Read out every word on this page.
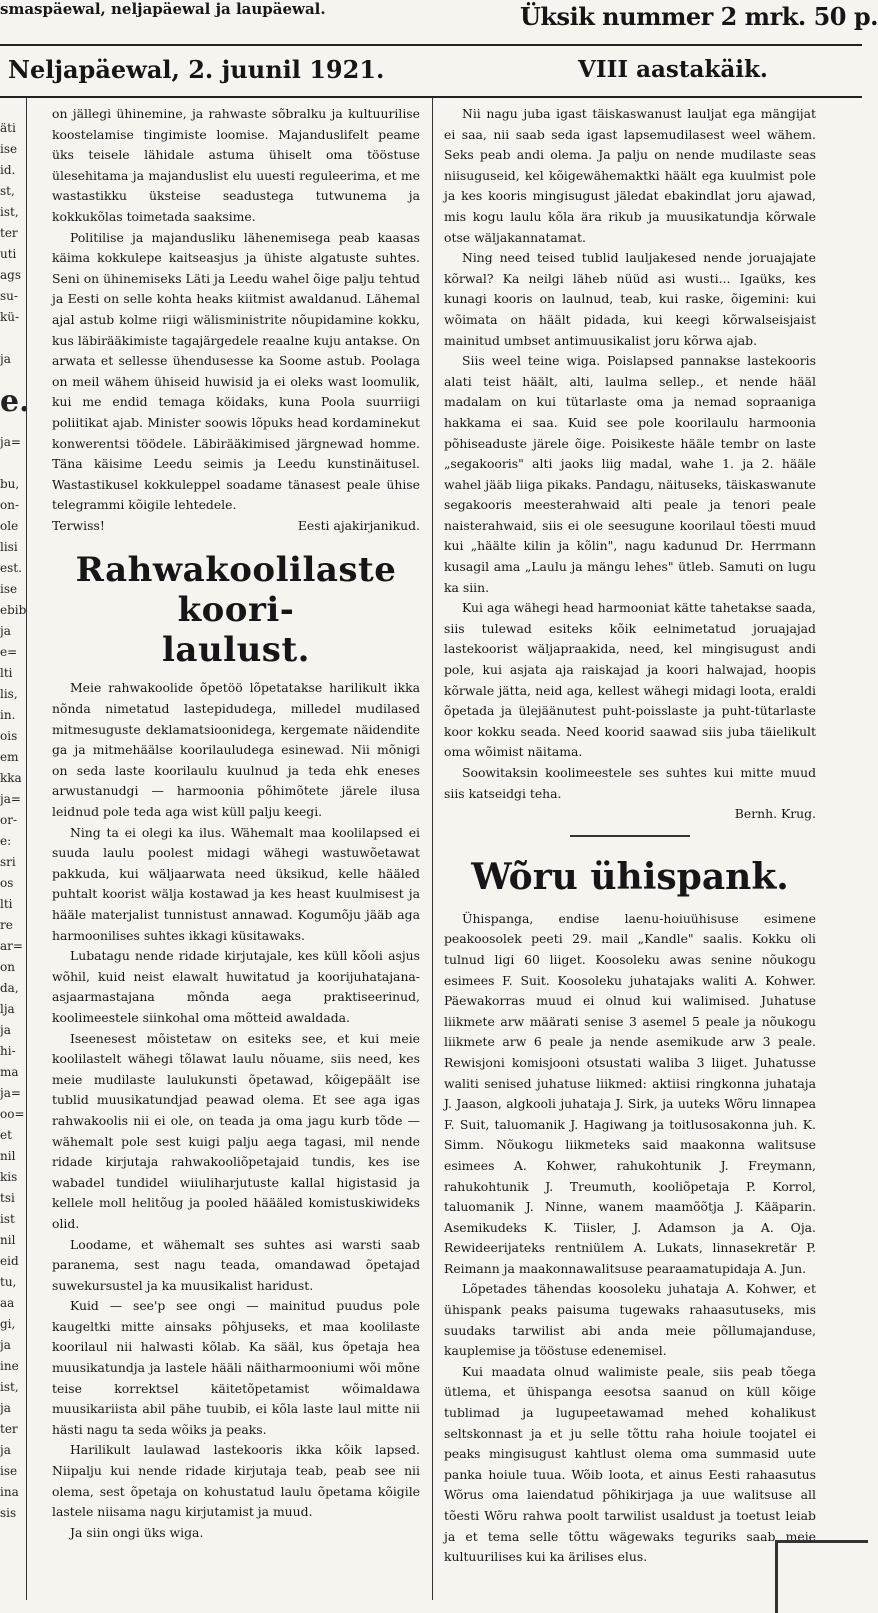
smaspäewal, neljapäewal ja laupäewal.	Üksik nummer 2 mrk. 50 p.
Neljapäewal, 2. juunil 1921.	VIII aastakäik.
äti
ise
id.
st,
ist,
ter
uti
ags
su-
kü-

ja
e.
ja=

bu,
on-
ole
lisi
est.
ise
ebib
ja
e=
lti
lis,
in.
ois
em
kka
ja=
or-
e:
sri
os
lti
re
ar=
on
da,
lja
ja
hi-
ma
ja=
oo=
et
nil
kis
tsi
ist
nil
eid
tu,
aa
gi,
ja
ine
ist,
ja
ter
ja
ise
ina
sis

on jällegi ühinemine, ja rahwaste sõbralku ja kultuurilise koostelamise tingimiste loomise. Majanduslifelt peame üks teisele lähidale astuma ühiselt oma tööstuse ülesehitama ja majanduslist elu uuesti reguleerima, et me wastastikku üksteise seadustega tutwunema ja kokkukõlas toimetada saaksime.

Politilise ja majandusliku lähenemisega peab kaasas käima kokkulepe kaitseasjus ja ühiste algatuste suhtes. Seni on ühinemiseks Läti ja Leedu wahel õige palju tehtud ja Eesti on selle kohta heaks kiitmist awaldanud. Lähemal ajal astub kolme riigi wälisministrite nõupidamine kokku, kus läbirääkimiste tagajärgedele reaalne kuju antakse. On arwata et sellesse ühendusesse ka Soome astub. Poolaga on meil wähem ühiseid huwisid ja ei oleks wast loomulik, kui me endid temaga köidaks, kuna Poola suurriigi poliitikat ajab. Minister soowis lõpuks head kordaminekut konwerentsi töödele. Läbirääkimised järgnewad homme. Täna käisime Leedu seimis ja Leedu kunstinäitusel. Wastastikusel kokkuleppel soadame tänasest peale ühise telegrammi kõigile lehtedele.

Terwiss!	Eesti ajakirjanikud.
Rahwakoolilaste koori-
laulust.

Meie rahwakoolide õpetöö lõpetatakse harilikult ikka nõnda nimetatud lastepidudega, milledel mudilased mitmesuguste deklamatsioonidega, kergemate näidendite ga ja mitmehäälse koorilauludega esinewad. Nii mõnigi on seda laste koorilaulu kuulnud ja teda ehk eneses arwustanudgi — harmoonia põhimõtete järele ilusa leidnud pole teda aga wist küll palju keegi.

Ning ta ei olegi ka ilus. Wähemalt maa koolilapsed ei suuda laulu poolest midagi wähegi wastuwõetawat pakkuda, kui wäljaarwata need üksikud, kelle hääled puhtalt koorist wälja kostawad ja kes heast kuulmisest ja hääle materjalist tunnistust annawad. Kogumõju jääb aga harmoonilises suhtes ikkagi küsitawaks.

Lubatagu nende ridade kirjutajale, kes küll kõoli asjus wõhil, kuid neist elawalt huwitatud ja koorijuhatajana-asjaarmastajana mõnda aega praktiseerinud, koolimeestele siinkohal oma mõtteid awaldada.

Iseenesest mõistetaw on esiteks see, et kui meie koolilastelt wähegi tõlawat laulu nõuame, siis need, kes meie mudilaste laulukunsti õpetawad, kõigepäält ise tublid muusikatundjad peawad olema. Et see aga igas rahwakoolis nii ei ole, on teada ja oma jagu kurb tõde — wähemalt pole sest kuigi palju aega tagasi, mil nende ridade kirjutaja rahwakooliõpetajaid tundis, kes ise wabadel tundidel wiiuliharjutuste kallal higistasid ja kellele moll helitõug ja pooled häääled komistuskiwideks olid.

Loodame, et wähemalt ses suhtes asi warsti saab paranema, sest nagu teada, omandawad õpetajad suwekursustel ja ka muusikalist haridust.

Kuid — see'p see ongi — mainitud puudus pole kaugeltki mitte ainsaks põhjuseks, et maa koolilaste koorilaul nii halwasti kõlab. Ka sääl, kus õpetaja hea muusikatundja ja lastele hääli näitharmooniumi wõi mõne teise korrektsel käitetõpetamist wõimaldawa muusikariista abil pähe tuubib, ei kõla laste laul mitte nii hästi nagu ta seda wõiks ja peaks.

Harilikult laulawad lastekooris ikka kõik lapsed. Niipalju kui nende ridade kirjutaja teab, peab see nii olema, sest õpetaja on kohustatud laulu õpetama kõigile lastele niisama nagu kirjutamist ja muud.

Ja siin ongi üks wiga.

Nii nagu juba igast täiskaswanust lauljat ega mängijat ei saa, nii saab seda igast lapsemudilasest weel wähem. Seks peab andi olema. Ja palju on nende mudilaste seas niisuguseid, kel kõigewähemaktki häält ega kuulmist pole ja kes kooris mingisugust jäledat ebakindlat joru ajawad, mis kogu laulu kõla ära rikub ja muusikatundja kõrwale otse wäljakannatamat.

Ning need teised tublid lauljakesed nende joruajajate kõrwal? Ka neilgi läheb nüüd asi wusti... Igaüks, kes kunagi kooris on laulnud, teab, kui raske, õigemini: kui wõimata on häält pidada, kui keegi kõrwalseisjaist mainitud umbset antimuusikalist joru kõrwa ajab.

Siis weel teine wiga. Poislapsed pannakse lastekooris alati teist häält, alti, laulma sellep., et nende hääl madalam on kui tütarlaste oma ja nemad sopraaniga hakkama ei saa. Kuid see pole koorilaulu harmoonia põhiseaduste järele õige. Poisikeste hääle tembr on laste „segakooris" alti jaoks liig madal, wahe 1. ja 2. hääle wahel jääb liiga pikaks. Pandagu, näituseks, täiskaswanute segakooris meesterahwaid alti peale ja tenori peale naisterahwaid, siis ei ole seesugune koorilaul tõesti muud kui „häälte kilin ja kõlin", nagu kadunud Dr. Herrmann kusagil ama „Laulu ja mängu lehes" ütleb. Samuti on lugu ka siin.

Kui aga wähegi head harmooniat kätte tahetakse saada, siis tulewad esiteks kõik eelnimetatud joruajajad lastekoorist wäljapraakida, need, kel mingisugust andi pole, kui asjata aja raiskajad ja koori halwajad, hoopis kõrwale jätta, neid aga, kellest wähegi midagi loota, eraldi õpetada ja ülejäänutest puht-poisslaste ja puht-tütarlaste koor kokku seada. Need koorid saawad siis juba täielikult oma wõimist näitama.

Soowitaksin koolimeestele ses suhtes kui mitte muud siis katseidgi teha.

Bernh. Krug.
Wõru ühispank.

Ühispanga, endise laenu-hoiuühisuse esimene peakoosolek peeti 29. mail „Kandle" saalis. Kokku oli tulnud ligi 60 liiget. Koosoleku awas senine nõukogu esimees F. Suit. Koosoleku juhatajaks waliti A. Kohwer. Päewakorras muud ei olnud kui walimised. Juhatuse liikmete arw määrati senise 3 asemel 5 peale ja nõukogu liikmete arw 6 peale ja nende asemikude arw 3 peale. Rewisjoni komisjooni otsustati waliba 3 liiget. Juhatusse waliti senised juhatuse liikmed: aktiisi ringkonna juhataja J. Jaason, algkooli juhataja J. Sirk, ja uuteks Wõru linnapea F. Suit, taluomanik J. Hagiwang ja toitlusosakonna juh. K. Simm. Nõukogu liikmeteks said maakonna walitsuse esimees A. Kohwer, rahukohtunik J. Freymann, rahukohtunik J. Treumuth, kooliõpetaja P. Korrol, taluomanik J. Ninne, wanem maamõõtja J. Kääparin. Asemikudeks K. Tiisler, J. Adamson ja A. Oja. Rewideerijateks rentniülem A. Lukats, linnasekretär P. Reimann ja maakonnawalitsuse pearaamatupidaja A. Jun.

Lõpetades tähendas koosoleku juhataja A. Kohwer, et ühispank peaks paisuma tugewaks rahaasutuseks, mis suudaks tarwilist abi anda meie põllumajanduse, kauplemise ja tööstuse edenemisel.

Kui maadata olnud walimiste peale, siis peab tõega ütlema, et ühispanga eesotsa saanud on küll kõige tublimad ja lugupeetawamad mehed kohalikust seltskonnast ja et ju selle tõttu raha hoiule toojatel ei peaks mingisugust kahtlust olema oma summasid uute panka hoiule tuua. Wõib loota, et ainus Eesti rahaasutus Wõrus oma laiendatud põhikirjaga ja uue walitsuse all tõesti Wõru rahwa poolt tarwilist usaldust ja toetust leiab ja et tema selle tõttu wägewaks teguriks saab meie kultuurilises kui ka ärilises elus.
